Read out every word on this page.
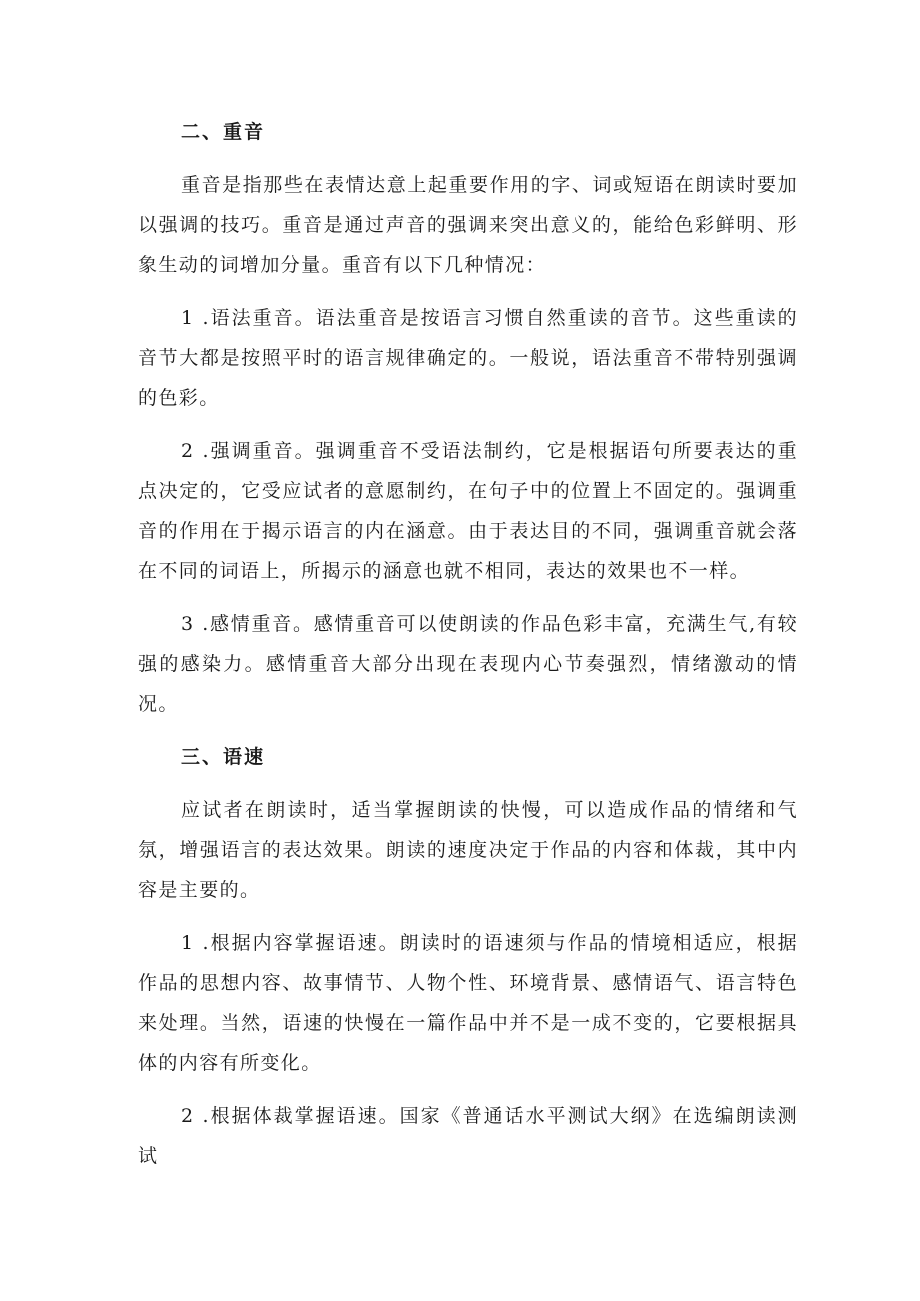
二、重音

重音是指那些在表情达意上起重要作用的字、词或短语在朗读时要加以强调的技巧。重音是通过声音的强调来突出意义的，能给色彩鲜明、形象生动的词增加分量。重音有以下几种情况：

1 .语法重音。语法重音是按语言习惯自然重读的音节。这些重读的音节大都是按照平时的语言规律确定的。一般说，语法重音不带特别强调的色彩。

2 .强调重音。强调重音不受语法制约，它是根据语句所要表达的重点决定的，它受应试者的意愿制约，在句子中的位置上不固定的。强调重音的作用在于揭示语言的内在涵意。由于表达目的不同，强调重音就会落在不同的词语上，所揭示的涵意也就不相同，表达的效果也不一样。

3 .感情重音。感情重音可以使朗读的作品色彩丰富，充满生气,有较强的感染力。感情重音大部分出现在表现内心节奏强烈，情绪激动的情况。

三、语速

应试者在朗读时，适当掌握朗读的快慢，可以造成作品的情绪和气氛，增强语言的表达效果。朗读的速度决定于作品的内容和体裁，其中内容是主要的。

1 .根据内容掌握语速。朗读时的语速须与作品的情境相适应，根据作品的思想内容、故事情节、人物个性、环境背景、感情语气、语言特色来处理。当然，语速的快慢在一篇作品中并不是一成不变的，它要根据具体的内容有所变化。

2 .根据体裁掌握语速。国家《普通话水平测试大纲》在选编朗读测试
